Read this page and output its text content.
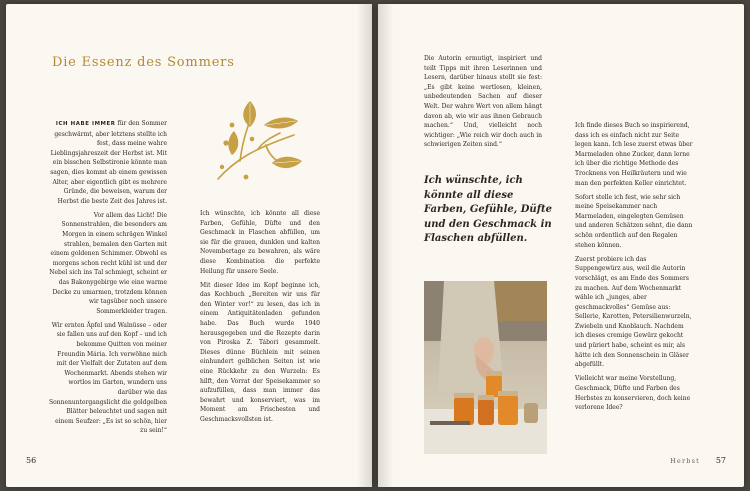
Die Essenz des Sommers

ICH HABE IMMER für den Sommer geschwärmt, aber letztens stellte ich fest, dass meine wahre Lieblingsjahreszeit der Herbst ist. Mit ein bisschen Selbstironie könnte man sagen, dies kommt ab einem gewissen Alter, aber eigentlich gibt es mehrere Gründe, die beweisen, warum der Herbst die beste Zeit des Jahres ist.

Vor allem das Licht! Die Sonnenstrahlen, die besonders am Morgen in einem schrägen Winkel strahlen, bemalen den Garten mit einem goldenen Schimmer. Obwohl es morgens schon recht kühl ist und der Nebel sich ins Tal schmiegt, scheint er das Bakonygebirge wie eine warme Decke zu umarmen, trotzdem können wir tagsüber noch unsere Sommerkleider tragen.

Wir ernten Äpfel und Walnüsse – oder sie fallen uns auf den Kopf – und ich bekomme Quitten von meiner Freundin Mária. Ich verwöhne mich mit der Vielfalt der Zutaten auf dem Wochenmarkt. Abends stehen wir wortlos im Garten, wundern uns darüber wie das Sonnenuntergangslicht die goldgelben Blätter beleuchtet und sagen mit einem Seufzer: „Es ist so schön, hier zu sein!“

Ich wünschte, ich könnte all diese Farben, Gefühle, Düfte und den Geschmack in Flaschen abfüllen, um sie für die grauen, dunklen und kalten Novembertage zu bewahren, als wäre diese Kombination die perfekte Heilung für unsere Seele.

Mit dieser Idee im Kopf beginne ich, das Kochbuch „Bereiten wir uns für den Winter vor!“ zu lesen, das ich in einem Antiquitätenladen gefunden habe. Das Buch wurde 1940 herausgegeben und die Rezepte darin von Piroska Z. Tábori gesammelt. Dieses dünne Büchlein mit seinen einhundert gelblichen Seiten ist wie eine Rückkehr zu den Wurzeln: Es hilft, den Vorrat der Speisekammer so aufzufüllen, dass man immer das bewahrt und konserviert, was im Moment am Frischesten und Geschmacksvollsten ist.

56

Die Autorin ermutigt, inspiriert und teilt Tipps mit ihren Leserinnen und Lesern, darüber hinaus stellt sie fest: „Es gibt keine wertlosen, kleinen, unbedeutenden Sachen auf dieser Welt. Der wahre Wert von allem hängt davon ab, wie wir aus ihnen Gebrauch machen.“ Und, vielleicht noch wichtiger: „Wie reich wir doch auch in schwierigen Zeiten sind.“

Ich wünschte, ich könnte all diese Farben, Gefühle, Düfte und den Geschmack in Flaschen abfüllen.

Ich finde dieses Buch so inspirierend, dass ich es einfach nicht zur Seite legen kann. Ich lese zuerst etwas über Marmeladen ohne Zucker, dann lerne ich über die richtige Methode des Trocknens von Heilkräutern und wie man den perfekten Keller einrichtet.

Sofort stelle ich fest, wie sehr sich meine Speisekammer nach Marmeladen, eingelegten Gemüsen und anderen Schätzen sehnt, die dann schön ordentlich auf den Regalen stehen können.

Zuerst probiere ich das Suppengewürz aus, weil die Autorin vorschlägt, es am Ende des Sommers zu machen. Auf dem Wochenmarkt wähle ich „junges, aber geschmackvolles“ Gemüse aus: Sellerie, Karotten, Petersilienwurzeln, Zwiebeln und Knoblauch. Nachdem ich dieses cremige Gewürz gekocht und püriert habe, scheint es mir, als hätte ich den Sonnenschein in Gläser abgefüllt.

Vielleicht war meine Vorstellung, Geschmack, Düfte und Farben des Herbstes zu konservieren, doch keine verlorene Idee?

Herbst 57
